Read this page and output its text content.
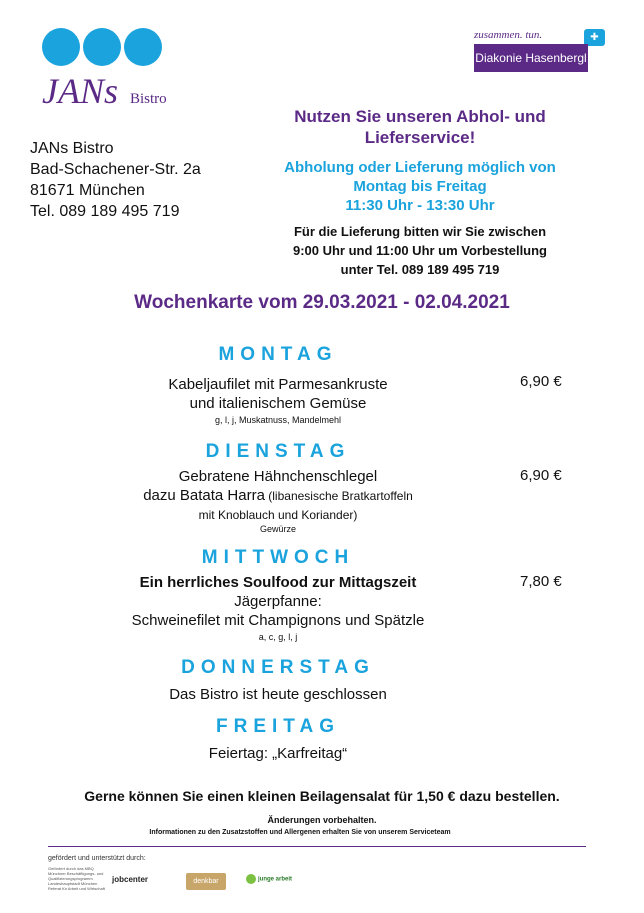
JANs Bistro
zusammen. tun.	✚
Diakonie Hasenbergl
JANs Bistro
Bad-Schachener-Str. 2a
81671 München
Tel. 089 189 495 719
Nutzen Sie unseren Abhol- und
Lieferservice!
Abholung oder Lieferung möglich von
Montag bis Freitag
11:30 Uhr - 13:30 Uhr
Für die Lieferung bitten wir Sie zwischen
9:00 Uhr und 11:00 Uhr um Vorbestellung
unter Tel. 089 189 495 719
Wochenkarte vom 29.03.2021 - 02.04.2021
MONTAG
Kabeljaufilet mit Parmesankruste
und italienischem Gemüse
g, l, j, Muskatnuss, Mandelmehl
6,90 €
DIENSTAG
Gebratene Hähnchenschlegel
dazu Batata Harra (libanesische Bratkartoffeln
mit Knoblauch und Koriander)
Gewürze
6,90 €
MITTWOCH
Ein herrliches Soulfood zur Mittagszeit
Jägerpfanne:
Schweinefilet mit Champignons und Spätzle
a, c, g, l, j
7,80 €
DONNERSTAG
Das Bistro ist heute geschlossen
FREITAG
Feiertag: „Karfreitag“
Gerne können Sie einen kleinen Beilagensalat für 1,50 € dazu bestellen.
Änderungen vorbehalten.
Informationen zu den Zusatzstoffen und Allergenen erhalten Sie von unserem Serviceteam
gefördert und unterstützt durch:
Gefördert durch das MBQ Münchner Beschäftigungs- und Qualifizierungsprogramm Landeshauptstadt München Referat für Arbeit und Wirtschaft
jobcenter	denkbar	junge arbeit
